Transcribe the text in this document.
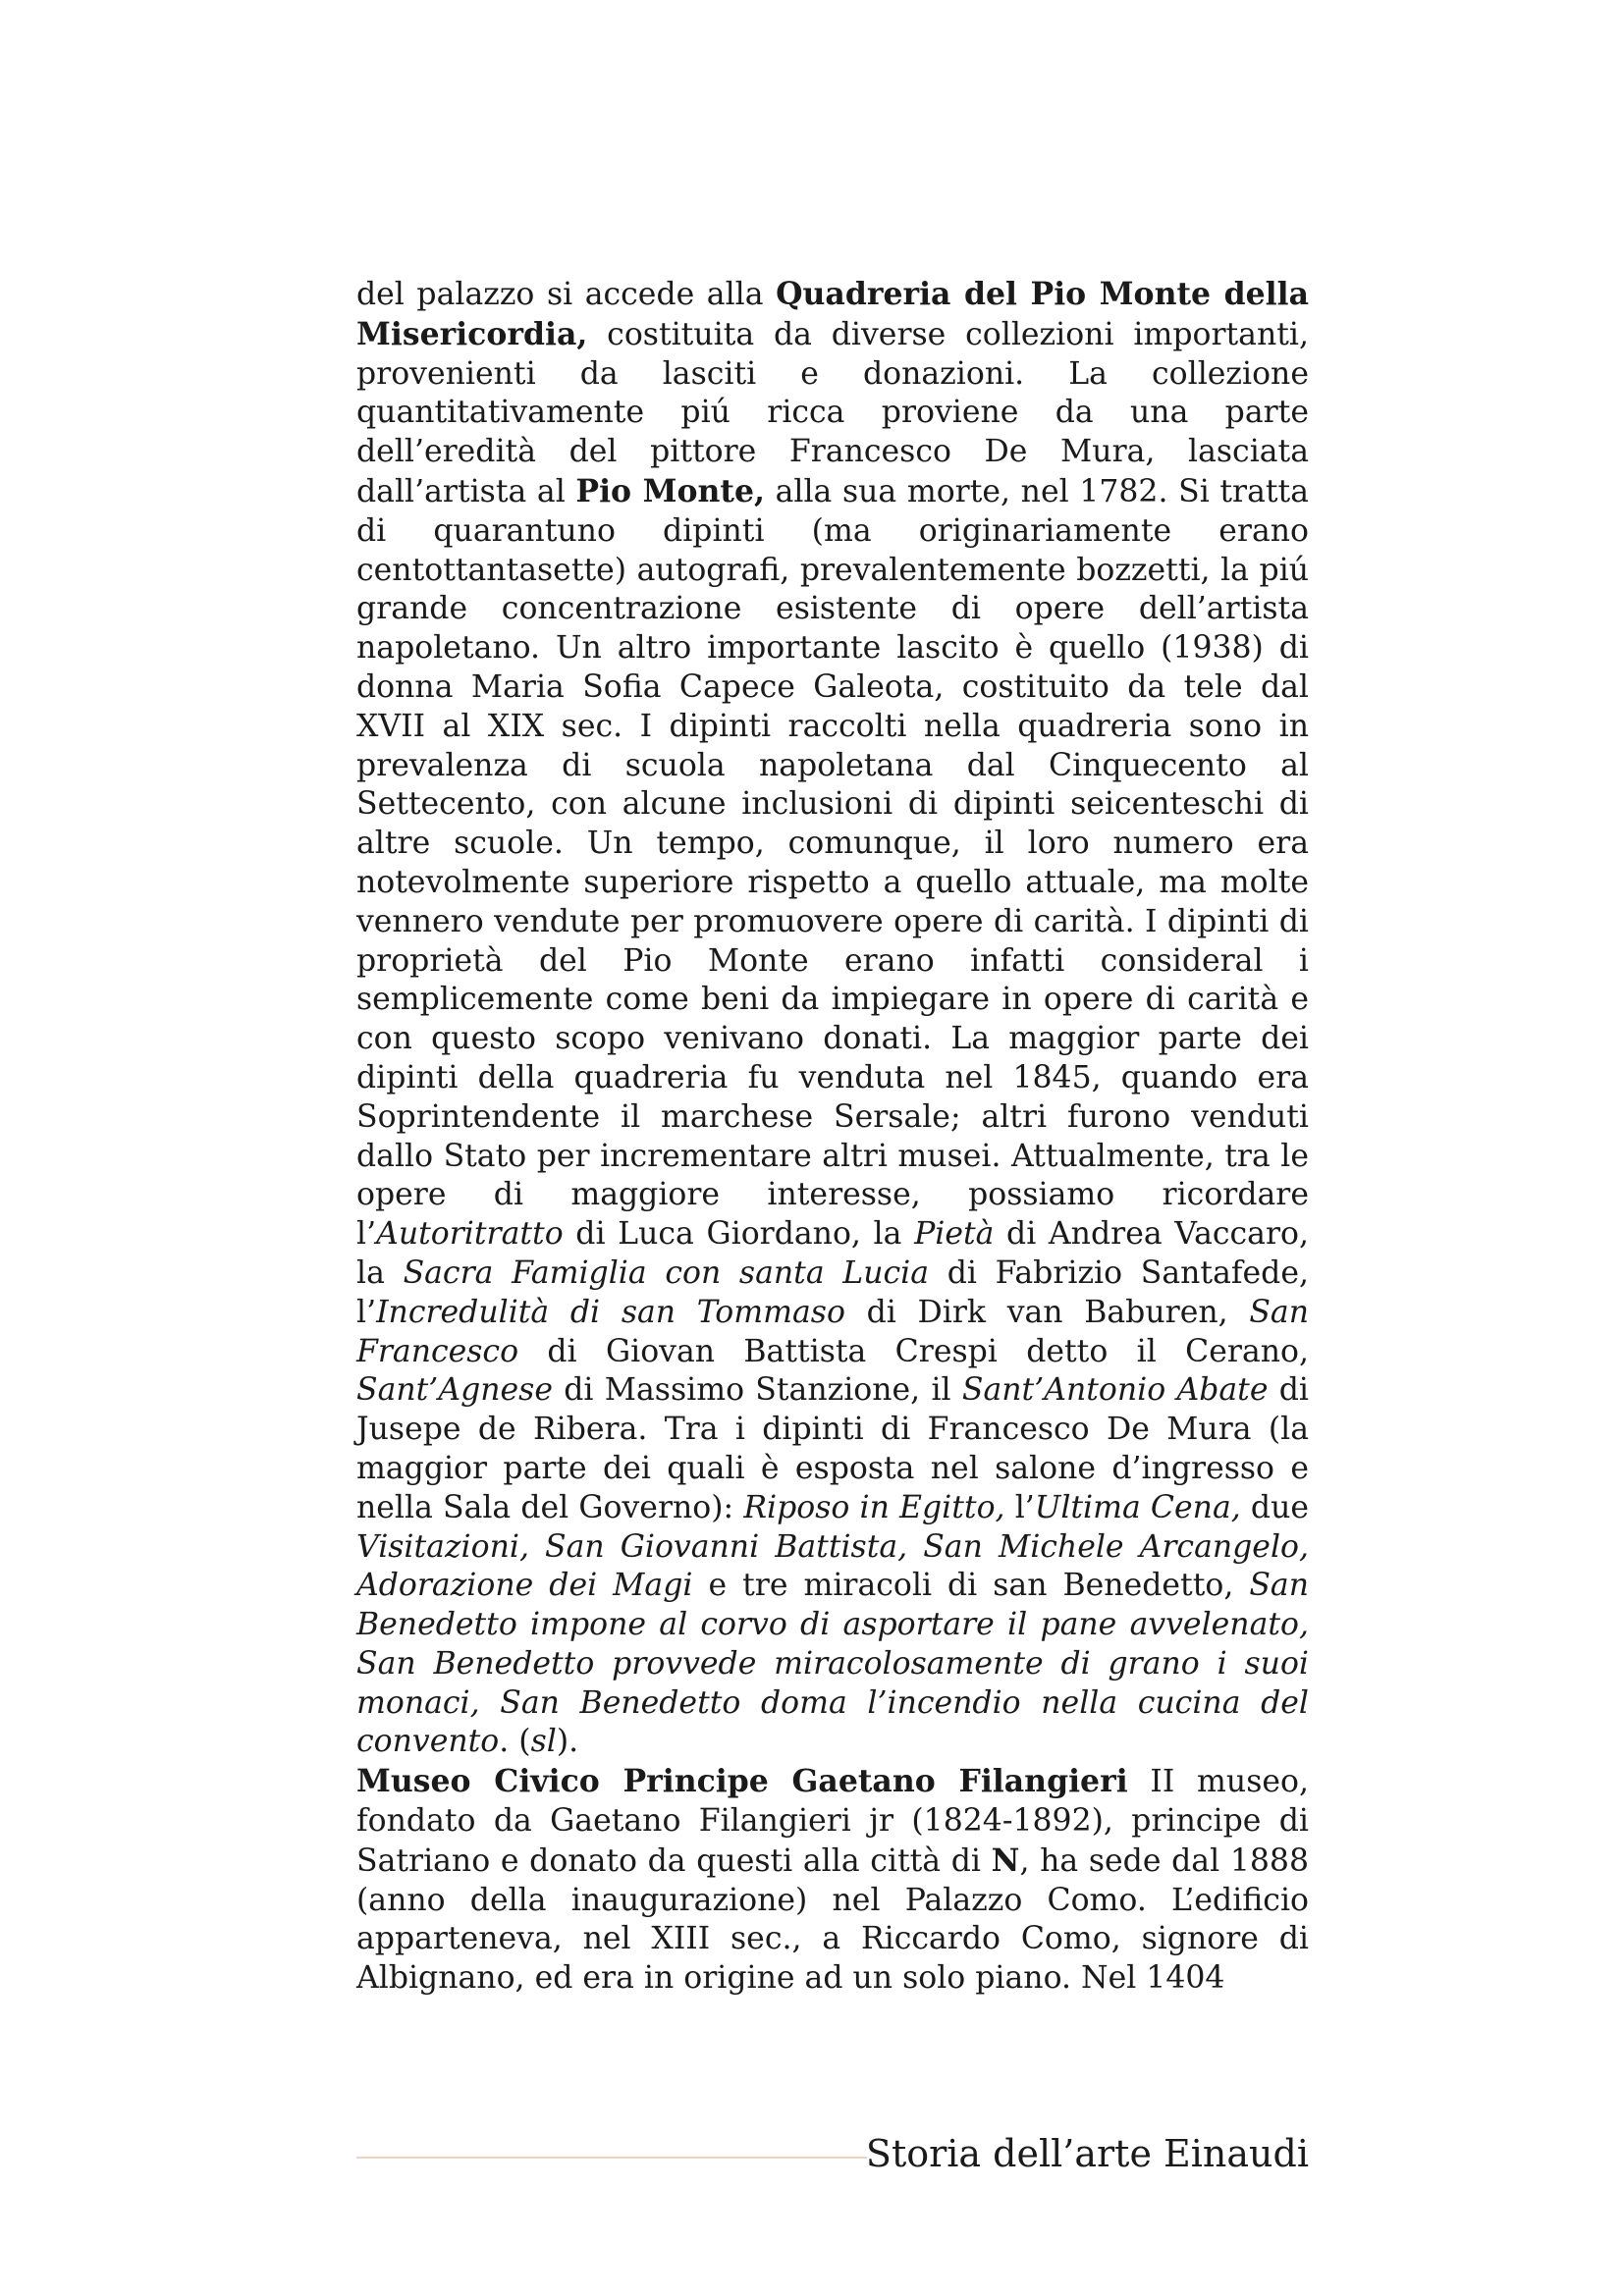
del palazzo si accede alla Quadreria del Pio Monte della Misericordia, costituita da diverse collezioni importanti, provenienti da lasciti e donazioni. La collezione quantitativamente piú ricca proviene da una parte dell’eredità del pittore Francesco De Mura, lasciata dall’artista al Pio Monte, alla sua morte, nel 1782. Si tratta di quarantuno dipinti (ma originariamente erano centottantasette) autografi, prevalentemente bozzetti, la piú grande concentrazione esistente di opere dell’artista napoletano. Un altro importante lascito è quello (1938) di donna Maria Sofia Capece Galeota, costituito da tele dal XVII al XIX sec. I dipinti raccolti nella quadreria sono in prevalenza di scuola napoletana dal Cinquecento al Settecento, con alcune inclusioni di dipinti seicenteschi di altre scuole. Un tempo, comunque, il loro numero era notevolmente superiore rispetto a quello attuale, ma molte vennero vendute per promuovere opere di carità. I dipinti di proprietà del Pio Monte erano infatti consideral i semplicemente come beni da impiegare in opere di carità e con questo scopo venivano donati. La maggior parte dei dipinti della quadreria fu venduta nel 1845, quando era Soprintendente il marchese Sersale; altri furono venduti dallo Stato per incrementare altri musei. Attualmente, tra le opere di maggiore interesse, possiamo ricordare l’Autoritratto di Luca Giordano, la Pietà di Andrea Vaccaro, la Sacra Famiglia con santa Lucia di Fabrizio Santafede, l’Incredulità di san Tommaso di Dirk van Baburen, San Francesco di Giovan Battista Crespi detto il Cerano, Sant’Agnese di Massimo Stanzione, il Sant’Antonio Abate di Jusepe de Ribera. Tra i dipinti di Francesco De Mura (la maggior parte dei quali è esposta nel salone d’ingresso e nella Sala del Governo): Riposo in Egitto, l’Ultima Cena, due Visitazioni, San Giovanni Battista, San Michele Arcangelo, Adorazione dei Magi e tre miracoli di san Benedetto, San Benedetto impone al corvo di asportare il pane avvelenato, San Benedetto provvede miracolosamente di grano i suoi monaci, San Benedetto doma l’incendio nella cucina del convento. (sl).

Museo Civico Principe Gaetano Filangieri II museo, fondato da Gaetano Filangieri jr (1824-1892), principe di Satriano e donato da questi alla città di N, ha sede dal 1888 (anno della inaugurazione) nel Palazzo Como. L’edificio apparteneva, nel XIII sec., a Riccardo Como, signore di Albignano, ed era in origine ad un solo piano. Nel 1404

Storia dell’arte Einaudi
